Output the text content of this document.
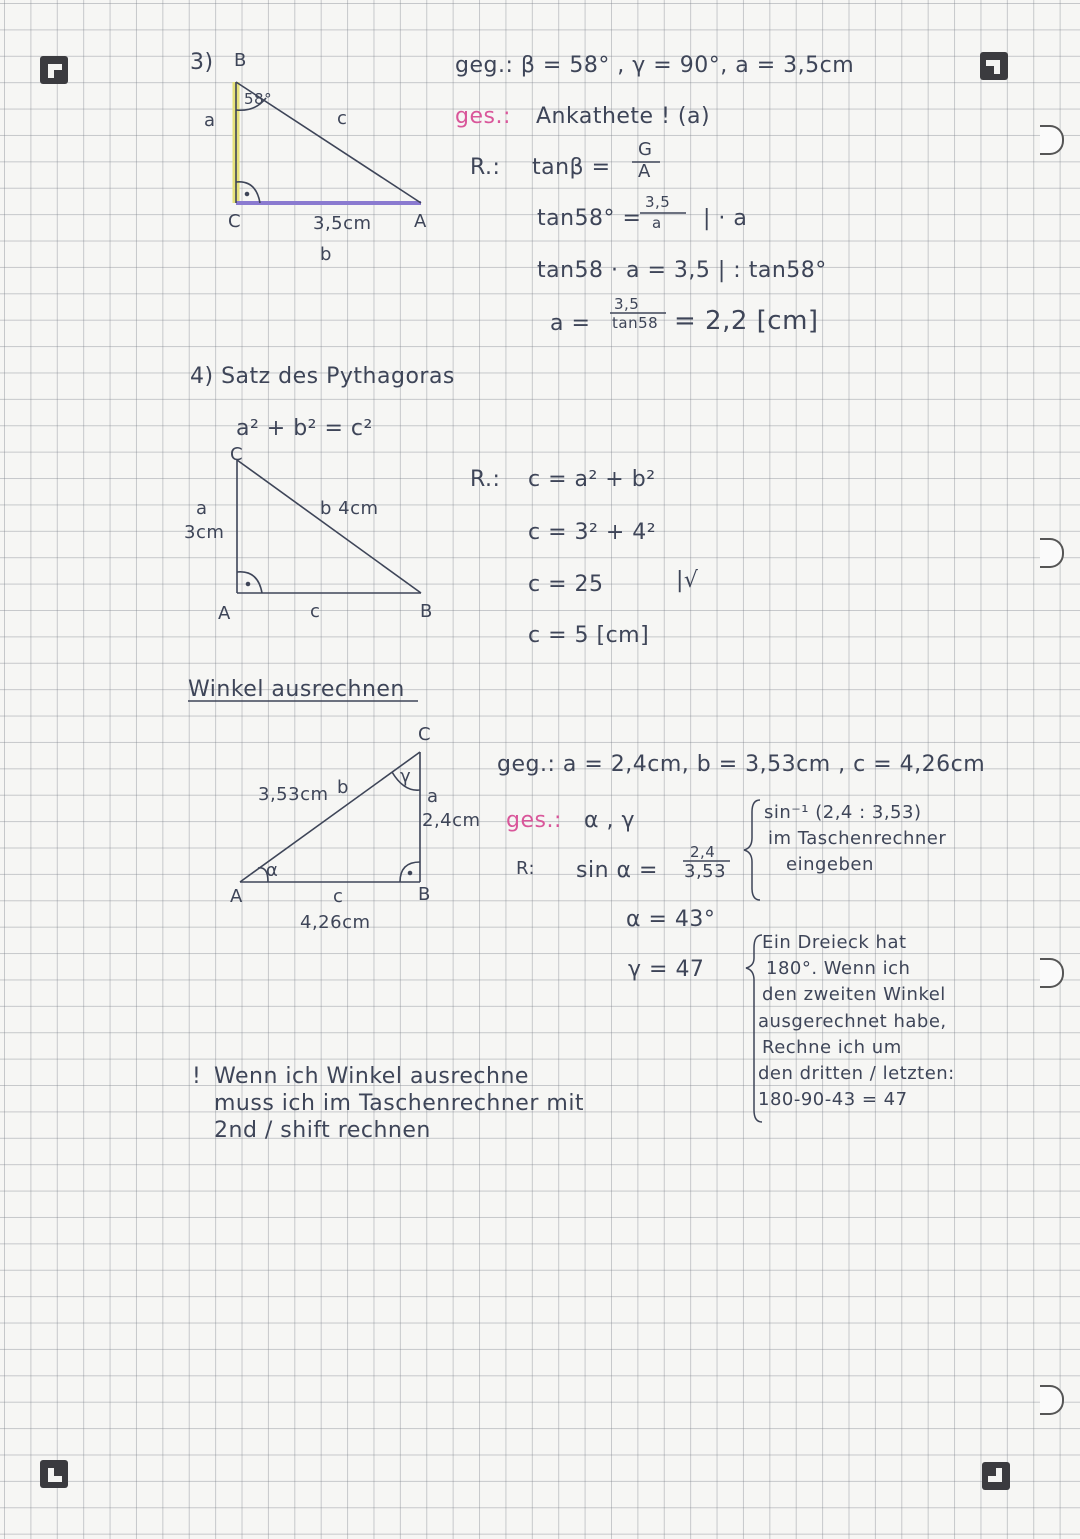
3) B
58°
a	c
C	3,5cm A
b
geg.: β = 58° , γ = 90°, a = 3,5cm
ges.: Ankathete ! (a)
R.: tanβ =
G
A
tan58° =
3,5
a | · a
tan58 · a = 3,5 | : tan58°
a =
3,5
tan58 = 2,2 [cm]
4) Satz des Pythagoras
a² + b² = c²
C
a
3cm
b 4cm
A	c	B
R.: c = a² + b²
c = 3² + 4²
c = 25	|√
c = 5 [cm]
Winkel ausrechnen
C
γ
3,53cm b	a
2,4cm
α
A	c
4,26cm
B
geg.: a = 2,4cm, b = 3,53cm , c = 4,26cm
ges.: α , γ
R: sin α =
2,4
3,53
α = 43°
γ = 47
sin⁻¹ (2,4 : 3,53)
im Taschenrechner
eingeben
Ein Dreieck hat
180°. Wenn ich
den zweiten Winkel
ausgerechnet habe,
Rechne ich um
den dritten / letzten:
180-90-43 = 47
! Wenn ich Winkel ausrechne
muss ich im Taschenrechner mit
2nd / shift rechnen
